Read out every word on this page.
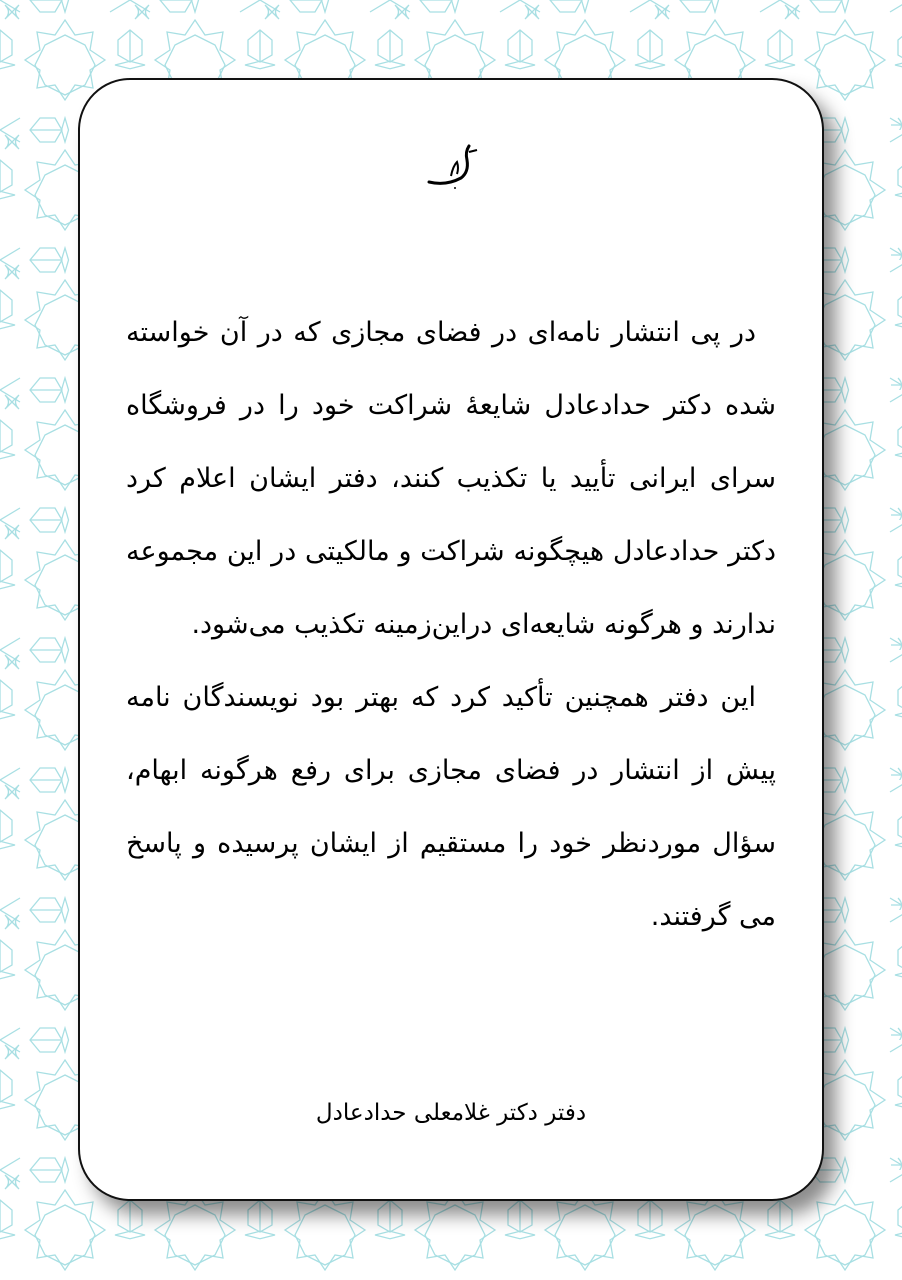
در پی انتشار نامه‌ای در فضای مجازی که در آن خواسته شده دکتر حدادعادل شایعهٔ شراکت خود را در فروشگاه سرای ایرانی تأیید یا تکذیب کنند، دفتر ایشان اعلام کرد دکتر حدادعادل هیچگونه شراکت و مالکیتی در این مجموعه ندارند و هرگونه شایعه‌ای دراین‌زمینه تکذیب می‌شود.

این دفتر همچنین تأکید کرد که بهتر بود نویسندگان نامه پیش از انتشار در فضای مجازی برای رفع هرگونه ابهام، سؤال موردنظر خود را مستقیم از ایشان پرسیده و پاسخ می گرفتند.

دفتر دکتر غلامعلی حدادعادل
